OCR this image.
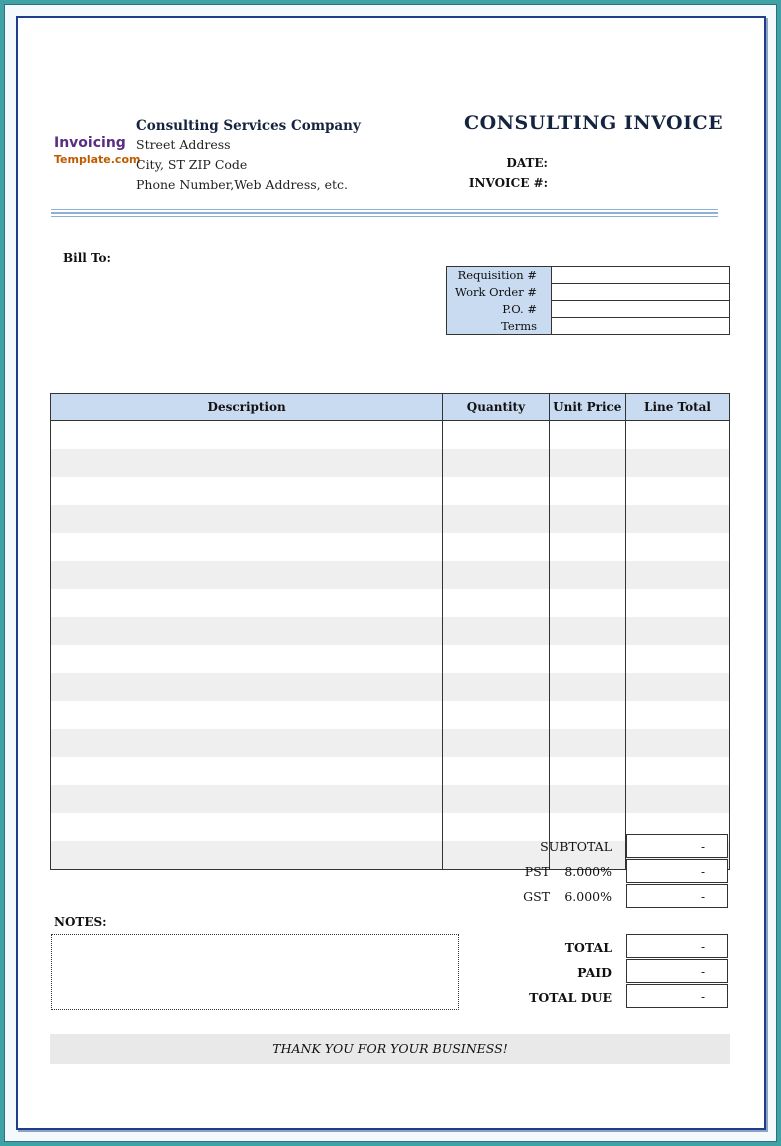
Invoicing
Template.com
Consulting Services Company
Street Address
City, ST ZIP Code
Phone Number,Web Address, etc.
CONSULTING INVOICE
DATE:
INVOICE #:
Bill To:
Requisition #	
Work Order #	
P.O. #	
Terms	
Description	Quantity	Unit Price	Line Total

SUBTOTAL	-
PST	8.000%	-
GST	6.000%	-
NOTES:
TOTAL	-
PAID	-
TOTAL DUE	-
THANK YOU FOR YOUR BUSINESS!
